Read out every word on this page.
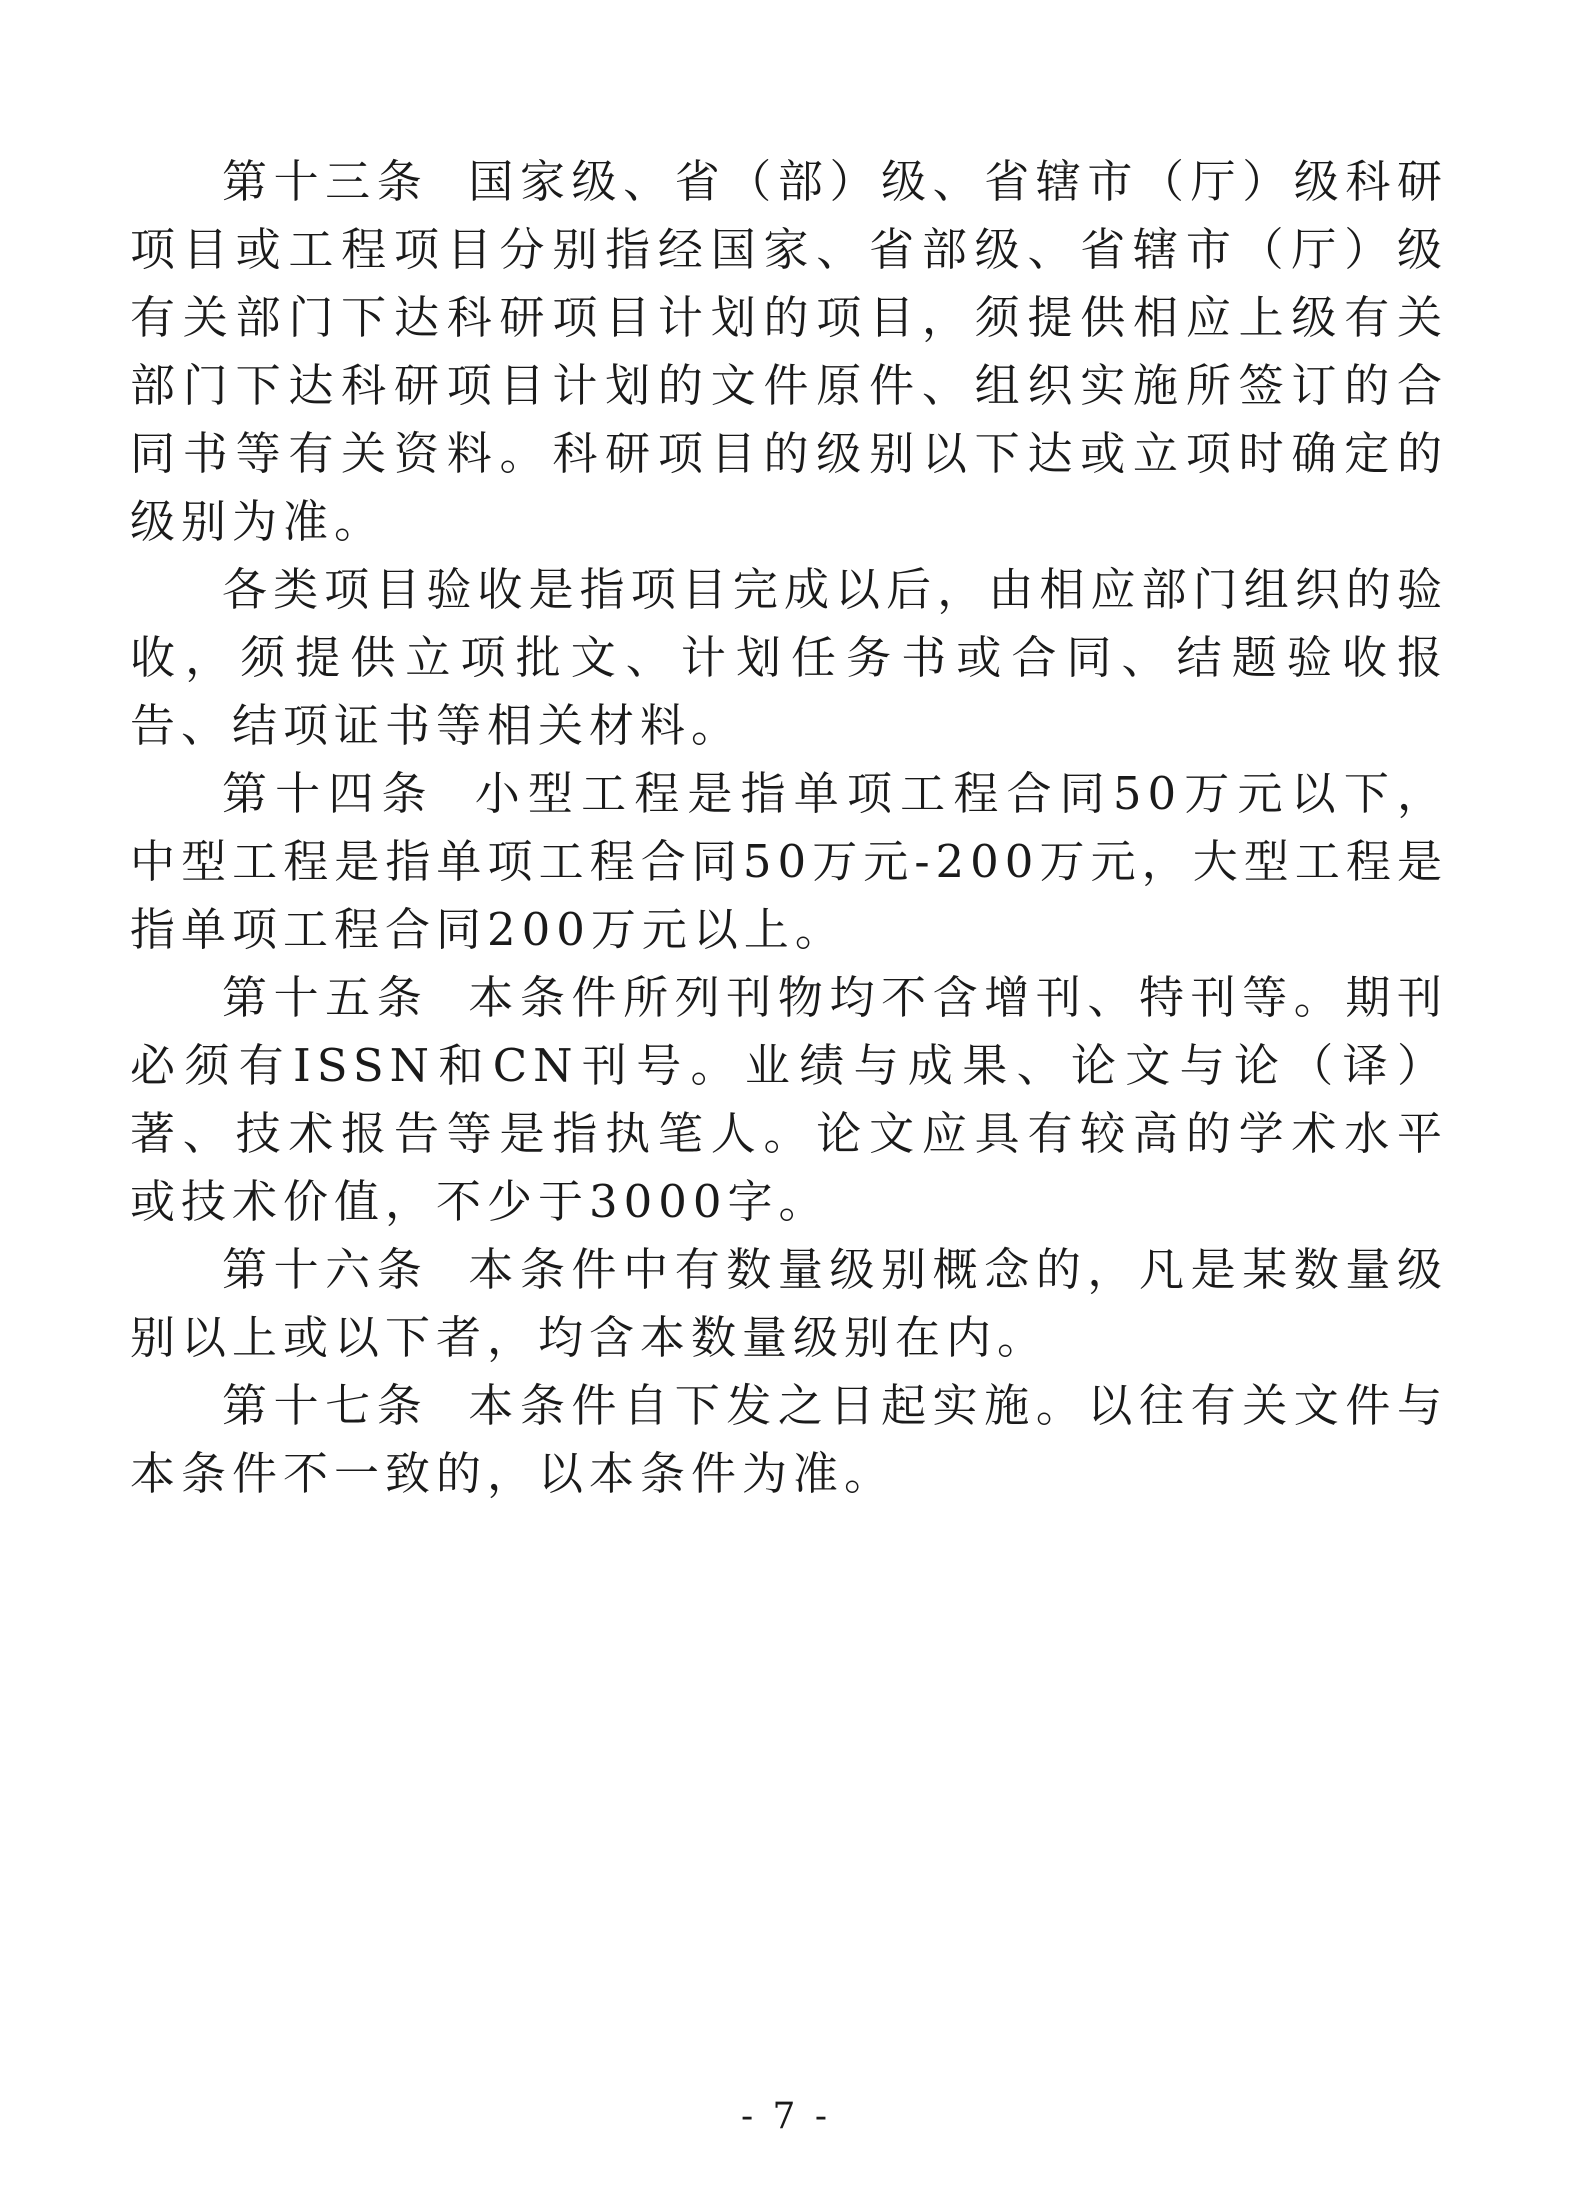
第十三条 国家级、省（部）级、省辖市（厅）级科研项目或工程项目分别指经国家、省部级、省辖市（厅）级有关部门下达科研项目计划的项目，须提供相应上级有关部门下达科研项目计划的文件原件、组织实施所签订的合同书等有关资料。科研项目的级别以下达或立项时确定的级别为准。

各类项目验收是指项目完成以后，由相应部门组织的验收，须提供立项批文、计划任务书或合同、结题验收报告、结项证书等相关材料。

第十四条 小型工程是指单项工程合同50万元以下，中型工程是指单项工程合同50万元-200万元，大型工程是指单项工程合同200万元以上。

第十五条 本条件所列刊物均不含增刊、特刊等。期刊必须有ISSN和CN刊号。业绩与成果、论文与论（译）著、技术报告等是指执笔人。论文应具有较高的学术水平或技术价值，不少于3000字。

第十六条 本条件中有数量级别概念的，凡是某数量级别以上或以下者，均含本数量级别在内。

第十七条 本条件自下发之日起实施。以往有关文件与本条件不一致的，以本条件为准。

- 7 -
